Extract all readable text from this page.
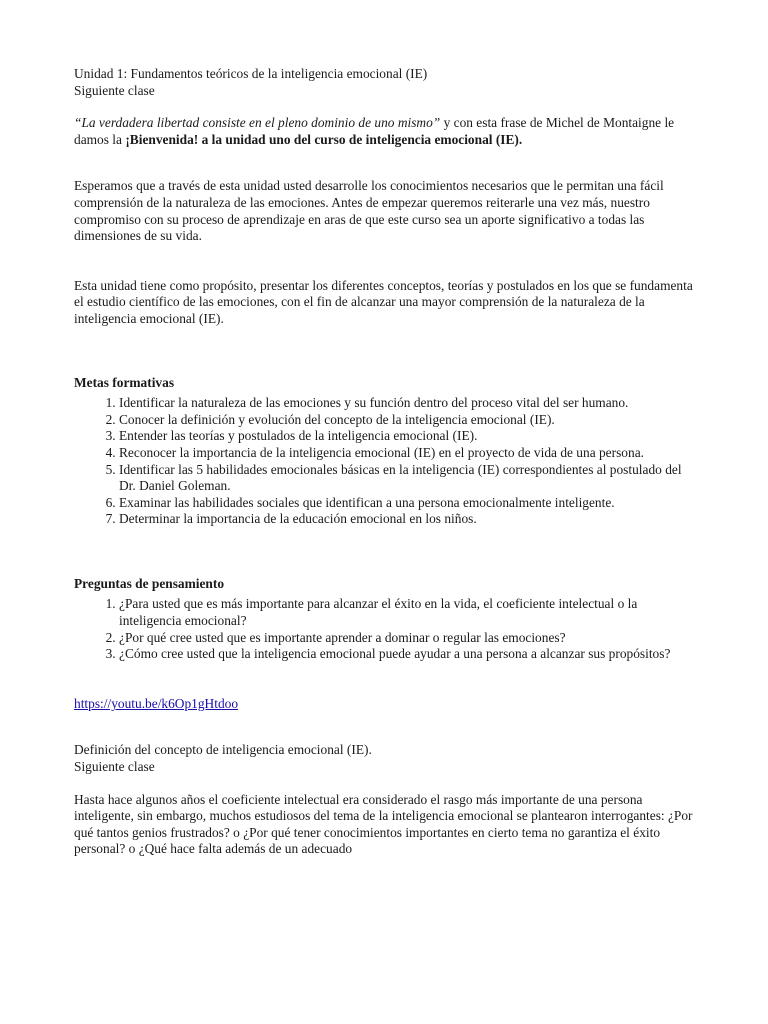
Unidad 1: Fundamentos teóricos de la inteligencia emocional (IE)

Siguiente clase

“La verdadera libertad consiste en el pleno dominio de uno mismo” y con esta frase de Michel de Montaigne le damos la ¡Bienvenida! a la unidad uno del curso de inteligencia emocional (IE).

Esperamos que a través de esta unidad usted desarrolle los conocimientos necesarios que le permitan una fácil comprensión de la naturaleza de las emociones. Antes de empezar queremos reiterarle una vez más, nuestro compromiso con su proceso de aprendizaje en aras de que este curso sea un aporte significativo a todas las dimensiones de su vida.

Esta unidad tiene como propósito, presentar los diferentes conceptos, teorías y postulados en los que se fundamenta el estudio científico de las emociones, con el fin de alcanzar una mayor comprensión de la naturaleza de la inteligencia emocional (IE).

Metas formativas
1. Identificar la naturaleza de las emociones y su función dentro del proceso vital del ser humano.
2. Conocer la definición y evolución del concepto de la inteligencia emocional (IE).
3. Entender las teorías y postulados de la inteligencia emocional (IE).
4. Reconocer la importancia de la inteligencia emocional (IE) en el proyecto de vida de una persona.
5. Identificar las 5 habilidades emocionales básicas en la inteligencia (IE) correspondientes al postulado del Dr. Daniel Goleman.
6. Examinar las habilidades sociales que identifican a una persona emocionalmente inteligente.
7. Determinar la importancia de la educación emocional en los niños.
Preguntas de pensamiento
1. ¿Para usted que es más importante para alcanzar el éxito en la vida, el coeficiente intelectual o la inteligencia emocional?
2. ¿Por qué cree usted que es importante aprender a dominar o regular las emociones?
3. ¿Cómo cree usted que la inteligencia emocional puede ayudar a una persona a alcanzar sus propósitos?

https://youtu.be/k6Op1gHtdoo

Definición del concepto de inteligencia emocional (IE).

Siguiente clase

Hasta hace algunos años el coeficiente intelectual era considerado el rasgo más importante de una persona inteligente, sin embargo, muchos estudiosos del tema de la inteligencia emocional se plantearon interrogantes: ¿Por qué tantos genios frustrados? o ¿Por qué tener conocimientos importantes en cierto tema no garantiza el éxito personal? o ¿Qué hace falta además de un adecuado
